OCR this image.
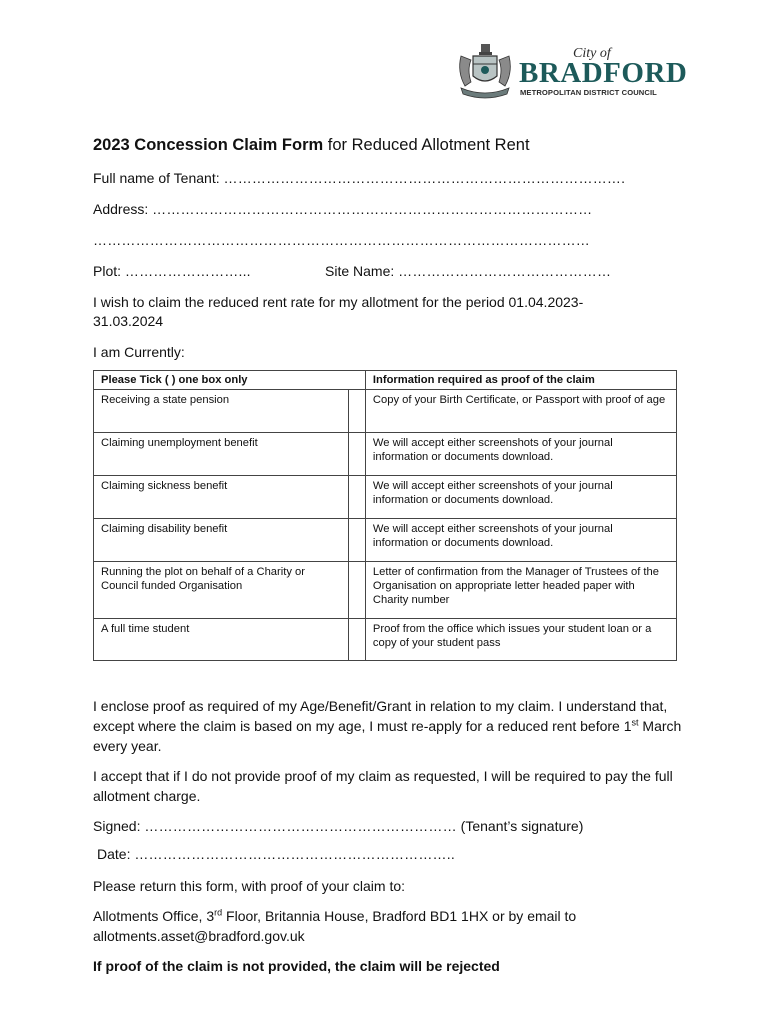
City of
BRADFORD
METROPOLITAN DISTRICT COUNCIL
2023 Concession Claim Form for Reduced Allotment Rent
Full name of Tenant: ………………………………………………………………………….
Address: …………………………………………………………………………………
……………………………………………………………………………………………
Plot: ……………………...	Site Name: ………………………………………
I wish to claim the reduced rent rate for my allotment for the period 01.04.2023-31.03.2024
I am Currently:
Please Tick ( ) one box only		Information required as proof of the claim
Receiving a state pension		Copy of your Birth Certificate, or Passport with proof of age
Claiming unemployment benefit		We will accept either screenshots of your journal information or documents download.
Claiming sickness benefit		We will accept either screenshots of your journal information or documents download.
Claiming disability benefit		We will accept either screenshots of your journal information or documents download.
Running the plot on behalf of a Charity or Council funded Organisation		Letter of confirmation from the Manager of Trustees of the Organisation on appropriate letter headed paper with Charity number
A full time student		Proof from the office which issues your student loan or a copy of your student pass
I enclose proof as required of my Age/Benefit/Grant in relation to my claim. I understand that, except where the claim is based on my age, I must re-apply for a reduced rent before 1st March every year.
I accept that if I do not provide proof of my claim as requested, I will be required to pay the full allotment charge.
Signed: ………………………………………………………… (Tenant’s signature)
Date: …………………………………………………………..
Please return this form, with proof of your claim to:
Allotments Office, 3rd Floor, Britannia House, Bradford BD1 1HX or by email to allotments.asset@bradford.gov.uk
If proof of the claim is not provided, the claim will be rejected
